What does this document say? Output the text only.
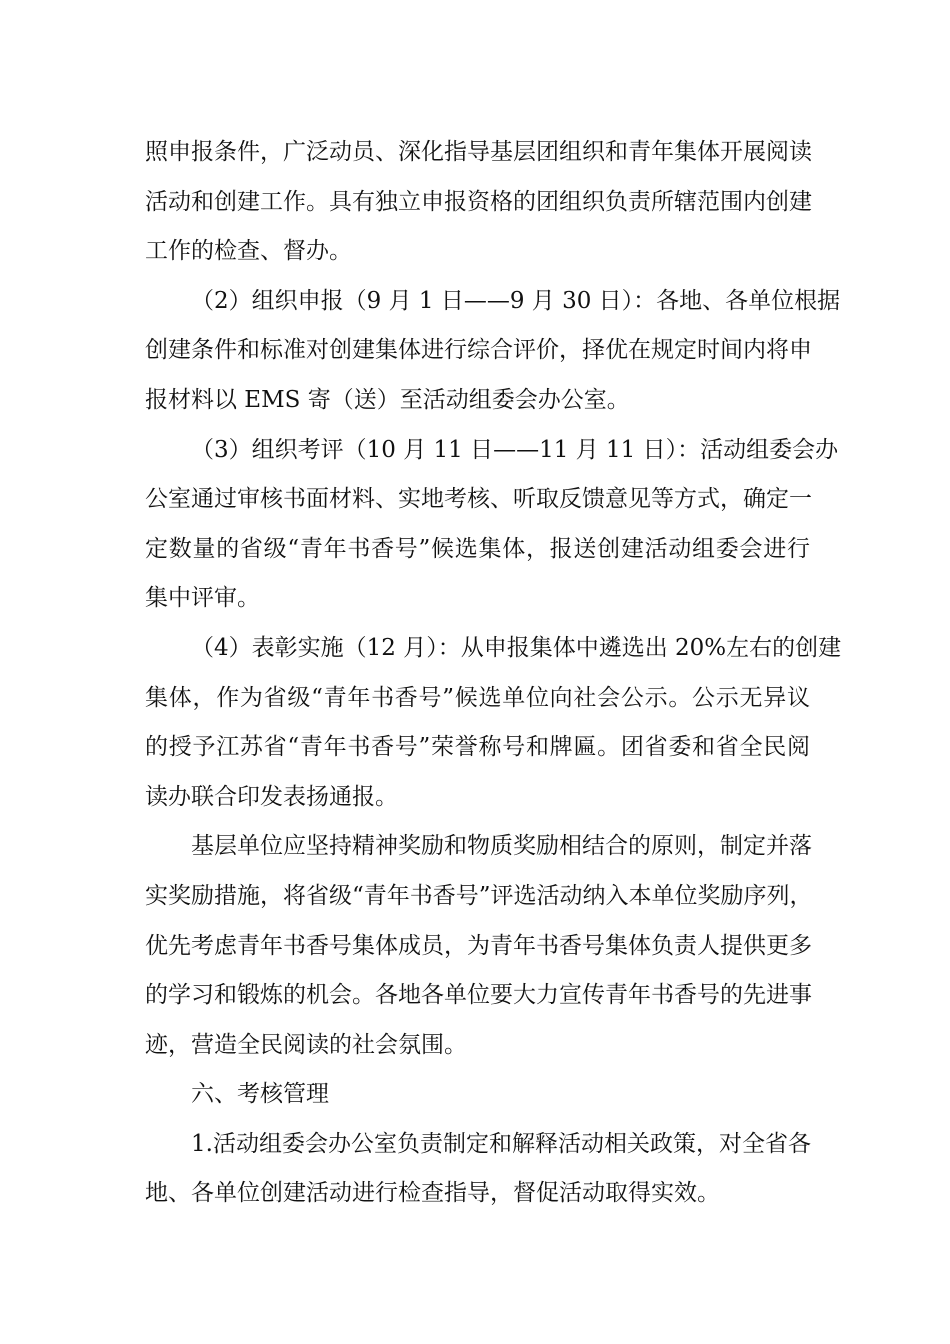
照申报条件，广泛动员、深化指导基层团组织和青年集体开展阅读
活动和创建工作。具有独立申报资格的团组织负责所辖范围内创建
工作的检查、督办。

（2）组织申报（9 月 1 日——9 月 30 日）：各地、各单位根据
创建条件和标准对创建集体进行综合评价，择优在规定时间内将申
报材料以 EMS 寄（送）至活动组委会办公室。

（3）组织考评（10 月 11 日——11 月 11 日）：活动组委会办
公室通过审核书面材料、实地考核、听取反馈意见等方式，确定一
定数量的省级“青年书香号”候选集体，报送创建活动组委会进行
集中评审。

（4）表彰实施（12 月）：从申报集体中遴选出 20%左右的创建
集体，作为省级“青年书香号”候选单位向社会公示。公示无异议
的授予江苏省“青年书香号”荣誉称号和牌匾。团省委和省全民阅
读办联合印发表扬通报。

基层单位应坚持精神奖励和物质奖励相结合的原则，制定并落
实奖励措施，将省级“青年书香号”评选活动纳入本单位奖励序列，
优先考虑青年书香号集体成员，为青年书香号集体负责人提供更多
的学习和锻炼的机会。各地各单位要大力宣传青年书香号的先进事
迹，营造全民阅读的社会氛围。

六、考核管理

1.活动组委会办公室负责制定和解释活动相关政策，对全省各
地、各单位创建活动进行检查指导，督促活动取得实效。
